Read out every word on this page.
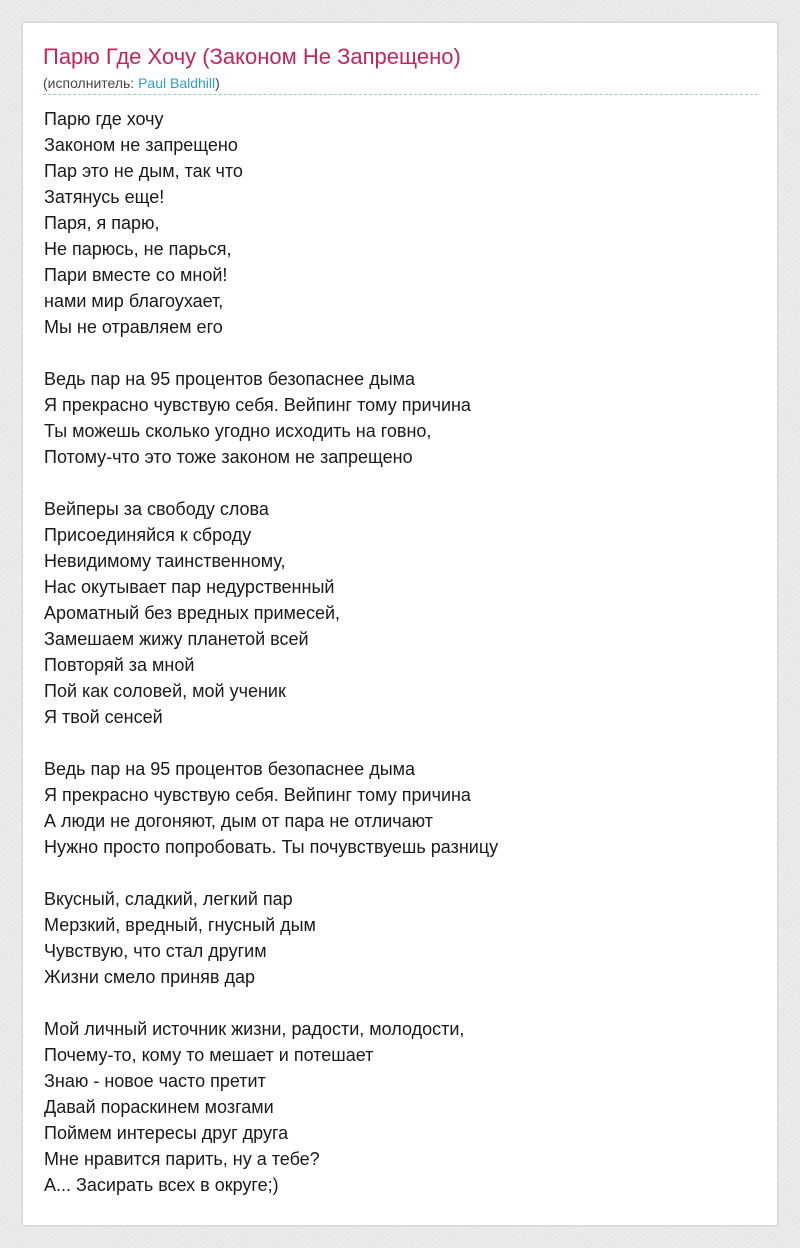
Парю Где Хочу (Законом Не Запрещено)
(исполнитель: Paul Baldhill)
Парю где хочу
Законом не запрещено
Пар это не дым, так что
Затянусь еще!
Паря, я парю,
Не парюсь, не парься,
Пари вместе со мной!
нами мир благоухает,
Мы не отравляем его
Ведь пар на 95 процентов безопаснее дыма
Я прекрасно чувствую себя. Вейпинг тому причина
Ты можешь сколько угодно исходить на говно,
Потому-что это тоже законом не запрещено
Вейперы за свободу слова
Присоединяйся к сброду
Невидимому таинственному,
Нас окутывает пар недурственный
Ароматный без вредных примесей,
Замешаем жижу планетой всей
Повторяй за мной
Пой как соловей, мой ученик
Я твой сенсей
Ведь пар на 95 процентов безопаснее дыма
Я прекрасно чувствую себя. Вейпинг тому причина
А люди не догоняют, дым от пара не отличают
Нужно просто попробовать. Ты почувствуешь разницу
Вкусный, сладкий, легкий пар
Мерзкий, вредный, гнусный дым
Чувствую, что стал другим
Жизни смело приняв дар
Мой личный источник жизни, радости, молодости,
Почему-то, кому то мешает и потешает
Знаю - новое часто претит
Давай пораскинем мозгами
Поймем интересы друг друга
Мне нравится парить, ну а тебе?
А... Засирать всех в округе;)
